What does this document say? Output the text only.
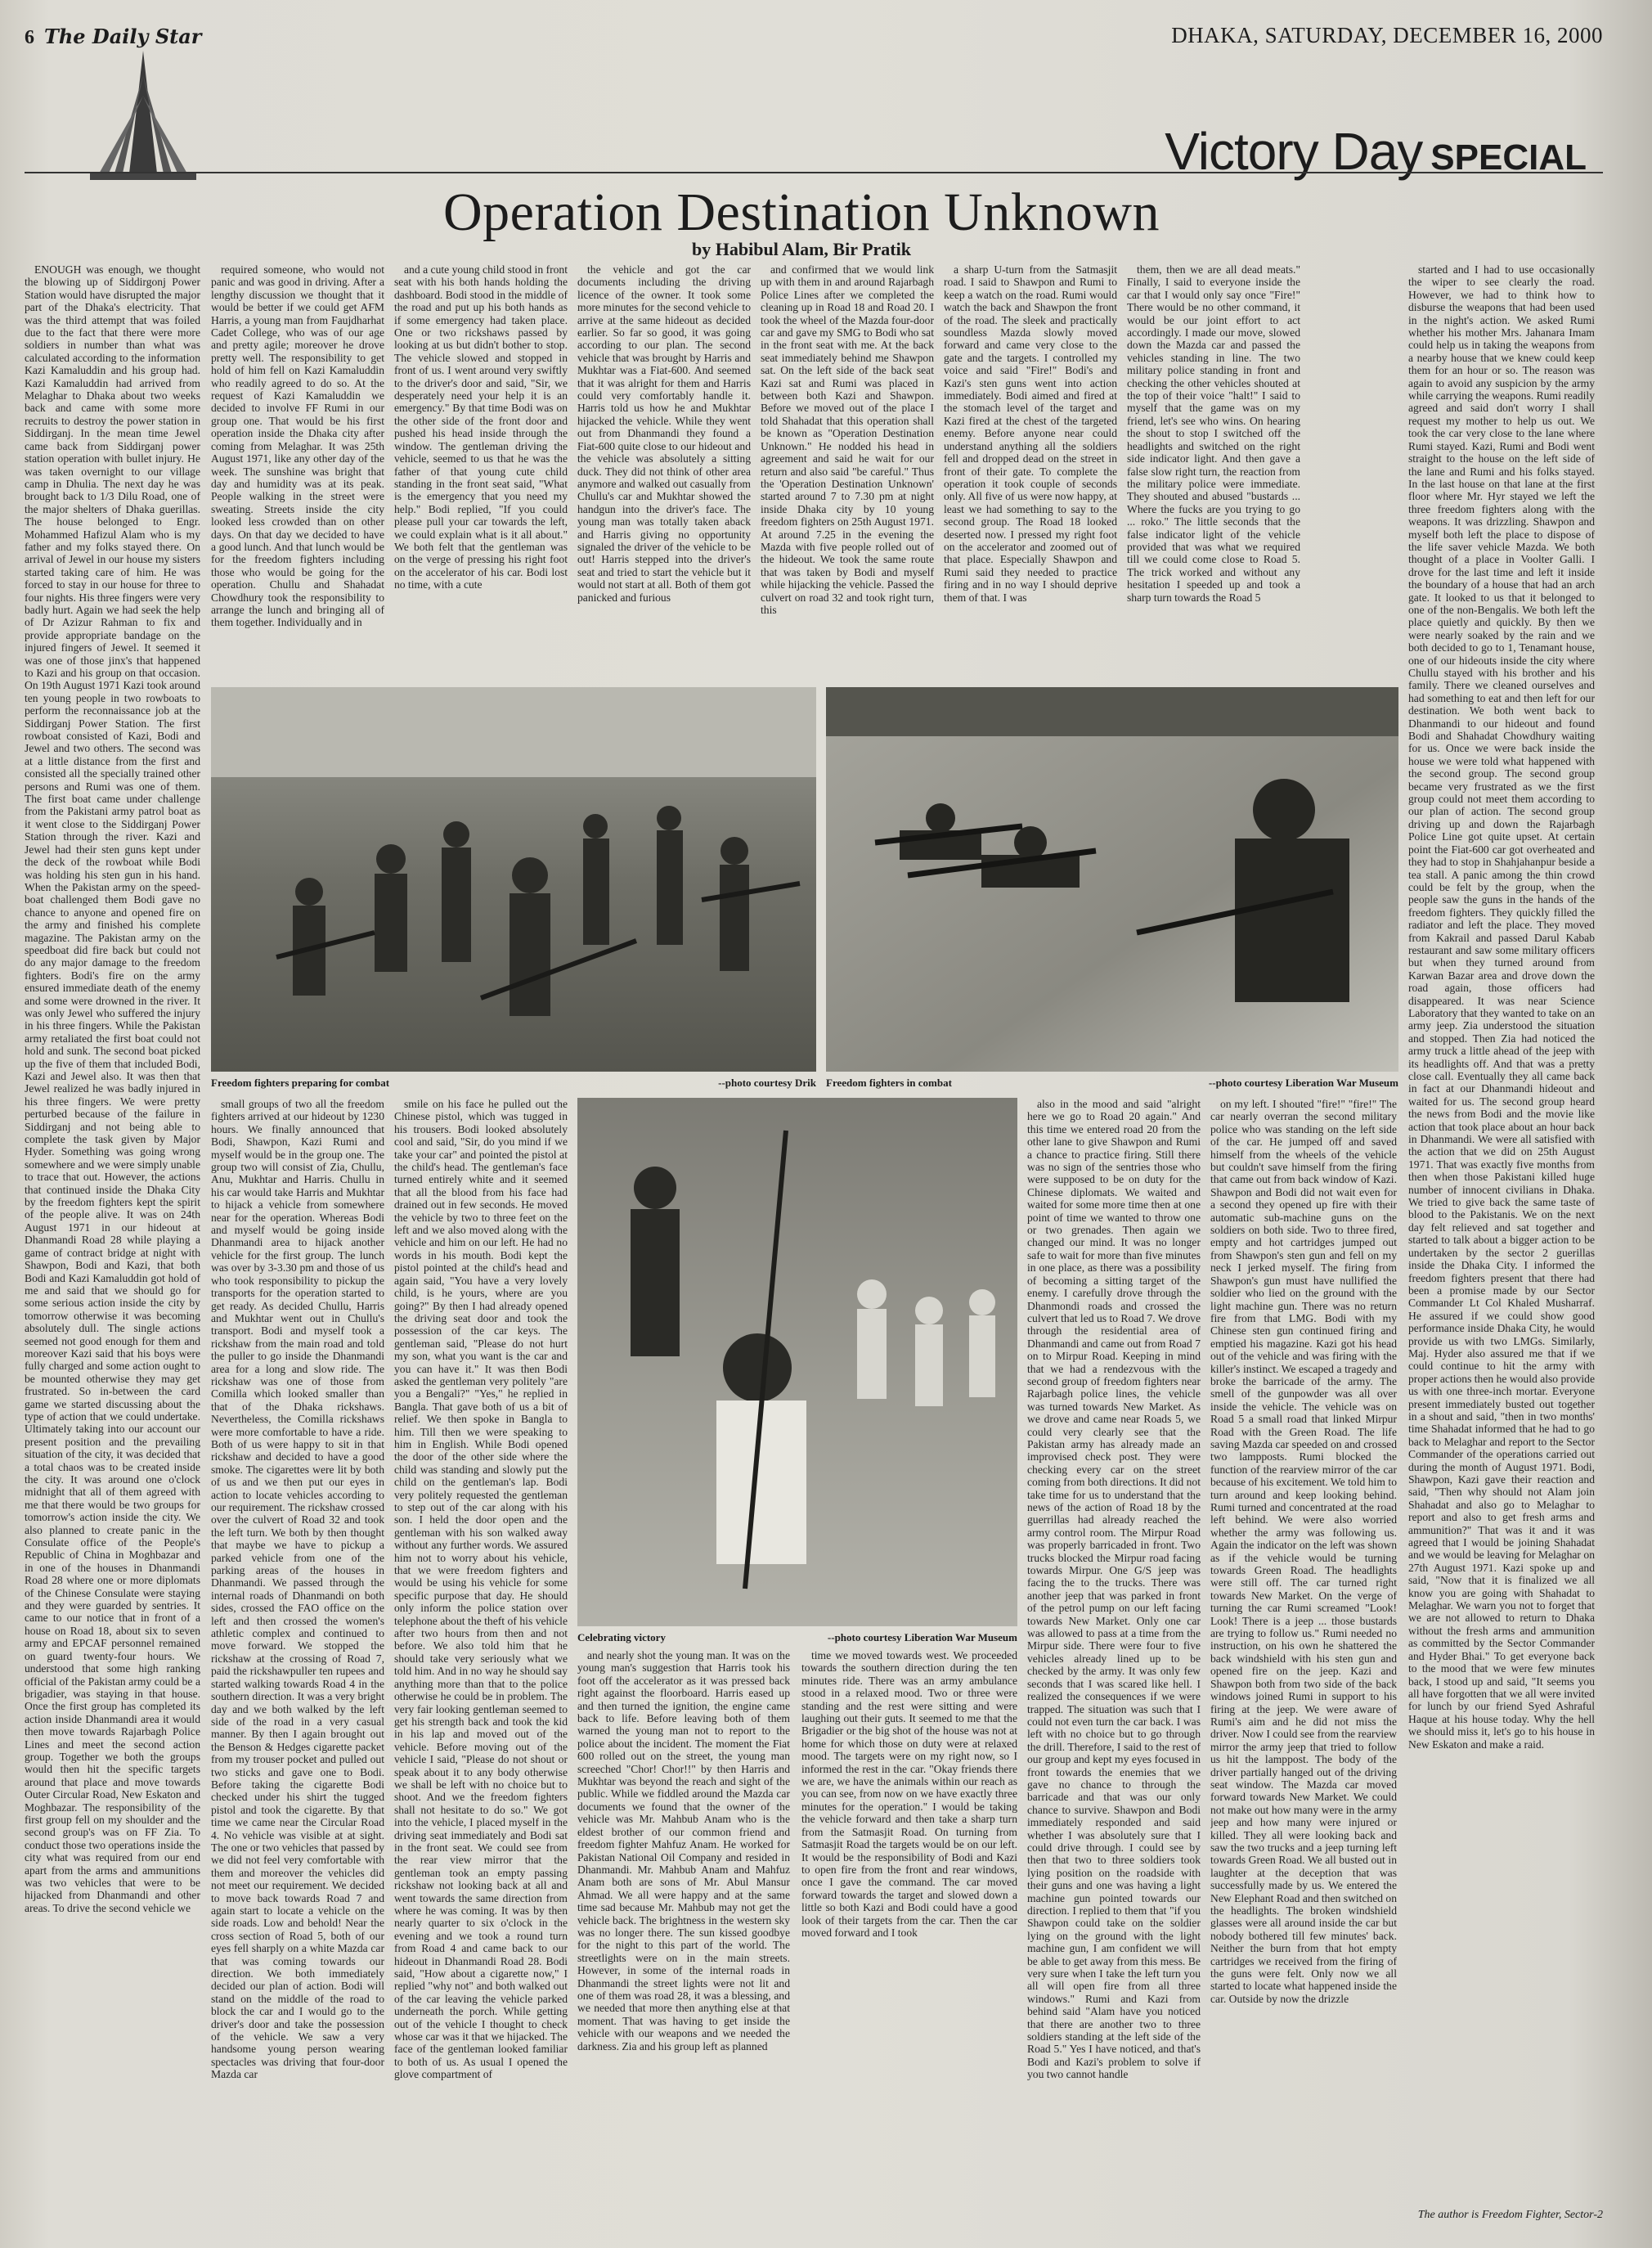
6 The Daily Star	DHAKA, SATURDAY, DECEMBER 16, 2000
Victory Day SPECIAL
Operation Destination Unknown
by Habibul Alam, Bir Pratik

ENOUGH was enough, we thought the blowing up of Siddirgonj Power Station would have disrupted the major part of the Dhaka's electricity. That was the third attempt that was foiled due to the fact that there were more soldiers in number than what was calculated according to the information Kazi Kamaluddin and his group had. Kazi Kamaluddin had arrived from Melaghar to Dhaka about two weeks back and came with some more recruits to destroy the power station in Siddirganj. In the mean time Jewel came back from Siddirganj power station operation with bullet injury. He was taken overnight to our village camp in Dhulia. The next day he was brought back to 1/3 Dilu Road, one of the major shelters of Dhaka guerillas. The house belonged to Engr. Mohammed Hafizul Alam who is my father and my folks stayed there. On arrival of Jewel in our house my sisters started taking care of him. He was forced to stay in our house for three to four nights. His three fingers were very badly hurt. Again we had seek the help of Dr Azizur Rahman to fix and provide appropriate bandage on the injured fingers of Jewel. It seemed it was one of those jinx's that happened to Kazi and his group on that occasion. On 19th August 1971 Kazi took around ten young people in two rowboats to perform the reconnaissance job at the Siddirganj Power Station. The first rowboat consisted of Kazi, Bodi and Jewel and two others. The second was at a little distance from the first and consisted all the specially trained other persons and Rumi was one of them. The first boat came under challenge from the Pakistani army patrol boat as it went close to the Siddirganj Power Station through the river. Kazi and Jewel had their sten guns kept under the deck of the rowboat while Bodi was holding his sten gun in his hand. When the Pakistan army on the speed-boat challenged them Bodi gave no chance to anyone and opened fire on the army and finished his complete magazine. The Pakistan army on the speedboat did fire back but could not do any major damage to the freedom fighters. Bodi's fire on the army ensured immediate death of the enemy and some were drowned in the river. It was only Jewel who suffered the injury in his three fingers. While the Pakistan army retaliated the first boat could not hold and sunk. The second boat picked up the five of them that included Bodi, Kazi and Jewel also. It was then that Jewel realized he was badly injured in his three fingers. We were pretty perturbed because of the failure in Siddirganj and not being able to complete the task given by Major Hyder. Something was going wrong somewhere and we were simply unable to trace that out. However, the actions that continued inside the Dhaka City by the freedom fighters kept the spirit of the people alive. It was on 24th August 1971 in our hideout at Dhanmandi Road 28 while playing a game of contract bridge at night with Shawpon, Bodi and Kazi, that both Bodi and Kazi Kamaluddin got hold of me and said that we should go for some serious action inside the city by tomorrow otherwise it was becoming absolutely dull. The single actions seemed not good enough for them and moreover Kazi said that his boys were fully charged and some action ought to be mounted otherwise they may get frustrated. So in-between the card game we started discussing about the type of action that we could undertake. Ultimately taking into our account our present position and the prevailing situation of the city, it was decided that a total chaos was to be created inside the city. It was around one o'clock midnight that all of them agreed with me that there would be two groups for tomorrow's action inside the city. We also planned to create panic in the Consulate office of the People's Republic of China in Moghbazar and in one of the houses in Dhanmandi Road 28 where one or more diplomats of the Chinese Consulate were staying and they were guarded by sentries. It came to our notice that in front of a house on Road 18, about six to seven army and EPCAF personnel remained on guard twenty-four hours. We understood that some high ranking official of the Pakistan army could be a brigadier, was staying in that house. Once the first group has completed its action inside Dhanmandi area it would then move towards Rajarbagh Police Lines and meet the second action group. Together we both the groups would then hit the specific targets around that place and move towards Outer Circular Road, New Eskaton and Moghbazar. The responsibility of the first group fell on my shoulder and the second group's was on FF Zia. To conduct those two operations inside the city what was required from our end apart from the arms and ammunitions was two vehicles that were to be hijacked from Dhanmandi and other areas. To drive the second vehicle we

required someone, who would not panic and was good in driving. After a lengthy discussion we thought that it would be better if we could get AFM Harris, a young man from Faujdharhat Cadet College, who was of our age and pretty agile; moreover he drove pretty well. The responsibility to get hold of him fell on Kazi Kamaluddin who readily agreed to do so. At the request of Kazi Kamaluddin we decided to involve FF Rumi in our group one. That would be his first operation inside the Dhaka city after coming from Melaghar. It was 25th August 1971, like any other day of the week. The sunshine was bright that day and humidity was at its peak. People walking in the street were sweating. Streets inside the city looked less crowded than on other days. On that day we decided to have a good lunch. And that lunch would be for the freedom fighters including those who would be going for the operation. Chullu and Shahadat Chowdhury took the responsibility to arrange the lunch and bringing all of them together. Individually and in

and a cute young child stood in front seat with his both hands holding the dashboard. Bodi stood in the middle of the road and put up his both hands as if some emergency had taken place. One or two rickshaws passed by looking at us but didn't bother to stop. The vehicle slowed and stopped in front of us. I went around very swiftly to the driver's door and said, "Sir, we desperately need your help it is an emergency." By that time Bodi was on the other side of the front door and pushed his head inside through the window. The gentleman driving the vehicle, seemed to us that he was the father of that young cute child standing in the front seat said, "What is the emergency that you need my help." Bodi replied, "If you could please pull your car towards the left, we could explain what is it all about." We both felt that the gentleman was on the verge of pressing his right foot on the accelerator of his car. Bodi lost no time, with a cute

the vehicle and got the car documents including the driving licence of the owner. It took some more minutes for the second vehicle to arrive at the same hideout as decided earlier. So far so good, it was going according to our plan. The second vehicle that was brought by Harris and Mukhtar was a Fiat-600. And seemed that it was alright for them and Harris could very comfortably handle it. Harris told us how he and Mukhtar hijacked the vehicle. While they went out from Dhanmandi they found a Fiat-600 quite close to our hideout and the vehicle was absolutely a sitting duck. They did not think of other area anymore and walked out casually from Chullu's car and Mukhtar showed the handgun into the driver's face. The young man was totally taken aback and Harris giving no opportunity signaled the driver of the vehicle to be out! Harris stepped into the driver's seat and tried to start the vehicle but it would not start at all. Both of them got panicked and furious

and confirmed that we would link up with them in and around Rajarbagh Police Lines after we completed the cleaning up in Road 18 and Road 20. I took the wheel of the Mazda four-door car and gave my SMG to Bodi who sat in the front seat with me. At the back seat immediately behind me Shawpon sat. On the left side of the back seat Kazi sat and Rumi was placed in between both Kazi and Shawpon. Before we moved out of the place I told Shahadat that this operation shall be known as "Operation Destination Unknown." He nodded his head in agreement and said he wait for our return and also said "be careful." Thus the 'Operation Destination Unknown' started around 7 to 7.30 pm at night inside Dhaka city by 10 young freedom fighters on 25th August 1971. At around 7.25 in the evening the Mazda with five people rolled out of the hideout. We took the same route that was taken by Bodi and myself while hijacking the vehicle. Passed the culvert on road 32 and took right turn, this

a sharp U-turn from the Satmasjit road. I said to Shawpon and Rumi to keep a watch on the road. Rumi would watch the back and Shawpon the front of the road. The sleek and practically soundless Mazda slowly moved forward and came very close to the gate and the targets. I controlled my voice and said "Fire!" Bodi's and Kazi's sten guns went into action immediately. Bodi aimed and fired at the stomach level of the target and Kazi fired at the chest of the targeted enemy. Before anyone near could understand anything all the soldiers fell and dropped dead on the street in front of their gate. To complete the operation it took couple of seconds only. All five of us were now happy, at least we had something to say to the second group. The Road 18 looked deserted now. I pressed my right foot on the accelerator and zoomed out of that place. Especially Shawpon and Rumi said they needed to practice firing and in no way I should deprive them of that. I was

them, then we are all dead meats." Finally, I said to everyone inside the car that I would only say once "Fire!" There would be no other command, it would be our joint effort to act accordingly. I made our move, slowed down the Mazda car and passed the vehicles standing in line. The two military police standing in front and checking the other vehicles shouted at the top of their voice "halt!" I said to myself that the game was on my friend, let's see who wins. On hearing the shout to stop I switched off the headlights and switched on the right side indicator light. And then gave a false slow right turn, the reaction from the military police were immediate. They shouted and abused "bustards ... Where the fucks are you trying to go ... roko." The little seconds that the false indicator light of the vehicle provided that was what we required till we could come close to Road 5. The trick worked and without any hesitation I speeded up and took a sharp turn towards the Road 5

started and I had to use occasionally the wiper to see clearly the road. However, we had to think how to disburse the weapons that had been used in the night's action. We asked Rumi whether his mother Mrs. Jahanara Imam could help us in taking the weapons from a nearby house that we knew could keep them for an hour or so. The reason was again to avoid any suspicion by the army while carrying the weapons. Rumi readily agreed and said don't worry I shall request my mother to help us out. We took the car very close to the lane where Rumi stayed. Kazi, Rumi and Bodi went straight to the house on the left side of the lane and Rumi and his folks stayed. In the last house on that lane at the first floor where Mr. Hyr stayed we left the three freedom fighters along with the weapons. It was drizzling. Shawpon and myself both left the place to dispose of the life saver vehicle Mazda. We both thought of a place in Voolter Galli. I drove for the last time and left it inside the boundary of a house that had an arch gate. It looked to us that it belonged to one of the non-Bengalis. We both left the place quietly and quickly. By then we were nearly soaked by the rain and we both decided to go to 1, Tenamant house, one of our hideouts inside the city where Chullu stayed with his brother and his family. There we cleaned ourselves and had something to eat and then left for our destination. We both went back to Dhanmandi to our hideout and found Bodi and Shahadat Chowdhury waiting for us. Once we were back inside the house we were told what happened with the second group. The second group became very frustrated as we the first group could not meet them according to our plan of action. The second group driving up and down the Rajarbagh Police Line got quite upset. At certain point the Fiat-600 car got overheated and they had to stop in Shahjahanpur beside a tea stall. A panic among the thin crowd could be felt by the group, when the people saw the guns in the hands of the freedom fighters. They quickly filled the radiator and left the place. They moved from Kakrail and passed Darul Kabab restaurant and saw some military officers but when they turned around from Karwan Bazar area and drove down the road again, those officers had disappeared. It was near Science Laboratory that they wanted to take on an army jeep. Zia understood the situation and stopped. Then Zia had noticed the army truck a little ahead of the jeep with its headlights off. And that was a pretty close call. Eventually they all came back in fact at our Dhanmandi hideout and waited for us. The second group heard the news from Bodi and the movie like action that took place about an hour back in Dhanmandi. We were all satisfied with the action that we did on 25th August 1971. That was exactly five months from then when those Pakistani killed huge number of innocent civilians in Dhaka. We tried to give back the same taste of blood to the Pakistanis. We on the next day felt relieved and sat together and started to talk about a bigger action to be undertaken by the sector 2 guerillas inside the Dhaka City. I informed the freedom fighters present that there had been a promise made by our Sector Commander Lt Col Khaled Musharraf. He assured if we could show good performance inside Dhaka City, he would provide us with two LMGs. Similarly, Maj. Hyder also assured me that if we could continue to hit the army with proper actions then he would also provide us with one three-inch mortar. Everyone present immediately busted out together in a shout and said, "then in two months' time Shahadat informed that he had to go back to Melaghar and report to the Sector Commander of the operations carried out during the month of August 1971. Bodi, Shawpon, Kazi gave their reaction and said, "Then why should not Alam join Shahadat and also go to Melaghar to report and also to get fresh arms and ammunition?" That was it and it was agreed that I would be joining Shahadat and we would be leaving for Melaghar on 27th August 1971. Kazi spoke up and said, "Now that it is finalized we all know you are going with Shahadat to Melaghar. We warn you not to forget that we are not allowed to return to Dhaka without the fresh arms and ammunition as committed by the Sector Commander and Hyder Bhai." To get everyone back to the mood that we were few minutes back, I stood up and said, "It seems you all have forgotten that we all were invited for lunch by our friend Syed Ashraful Haque at his house today. Why the hell we should miss it, let's go to his house in New Eskaton and make a raid.

Freedom fighters preparing for combat	--photo courtesy Drik Freedom fighters in combat	--photo courtesy Liberation War Museum

small groups of two all the freedom fighters arrived at our hideout by 1230 hours. We finally announced that Bodi, Shawpon, Kazi Rumi and myself would be in the group one. The group two will consist of Zia, Chullu, Anu, Mukhtar and Harris. Chullu in his car would take Harris and Mukhtar to hijack a vehicle from somewhere near for the operation. Whereas Bodi and myself would be going inside Dhanmandi area to hijack another vehicle for the first group. The lunch was over by 3-3.30 pm and those of us who took responsibility to pickup the transports for the operation started to get ready. As decided Chullu, Harris and Mukhtar went out in Chullu's transport. Bodi and myself took a rickshaw from the main road and told the puller to go inside the Dhanmandi area for a long and slow ride. The rickshaw was one of those from Comilla which looked smaller than that of the Dhaka rickshaws. Nevertheless, the Comilla rickshaws were more comfortable to have a ride. Both of us were happy to sit in that rickshaw and decided to have a good smoke. The cigarettes were lit by both of us and we then put our eyes in action to locate vehicles according to our requirement. The rickshaw crossed over the culvert of Road 32 and took the left turn. We both by then thought that maybe we have to pickup a parked vehicle from one of the parking areas of the houses in Dhanmandi. We passed through the internal roads of Dhanmandi on both sides, crossed the FAO office on the left and then crossed the women's athletic complex and continued to move forward. We stopped the rickshaw at the crossing of Road 7, paid the rickshawpuller ten rupees and started walking towards Road 4 in the southern direction. It was a very bright day and we both walked by the left side of the road in a very casual manner. By then I again brought out the Benson & Hedges cigarette packet from my trouser pocket and pulled out two sticks and gave one to Bodi. Before taking the cigarette Bodi checked under his shirt the tugged pistol and took the cigarette. By that time we came near the Circular Road 4. No vehicle was visible at at sight. The one or two vehicles that passed by we did not feel very comfortable with them and moreover the vehicles did not meet our requirement. We decided to move back towards Road 7 and again start to locate a vehicle on the side roads. Low and behold! Near the cross section of Road 5, both of our eyes fell sharply on a white Mazda car that was coming towards our direction. We both immediately decided our plan of action. Bodi will stand on the middle of the road to block the car and I would go to the driver's door and take the possession of the vehicle. We saw a very handsome young person wearing spectacles was driving that four-door Mazda car

smile on his face he pulled out the Chinese pistol, which was tugged in his trousers. Bodi looked absolutely cool and said, "Sir, do you mind if we take your car" and pointed the pistol at the child's head. The gentleman's face turned entirely white and it seemed that all the blood from his face had drained out in few seconds. He moved the vehicle by two to three feet on the left and we also moved along with the vehicle and him on our left. He had no words in his mouth. Bodi kept the pistol pointed at the child's head and again said, "You have a very lovely child, is he yours, where are you going?" By then I had already opened the driving seat door and took the possession of the car keys. The gentleman said, "Please do not hurt my son, what you want is the car and you can have it." It was then Bodi asked the gentleman very politely "are you a Bengali?" "Yes," he replied in Bangla. That gave both of us a bit of relief. We then spoke in Bangla to him. Till then we were speaking to him in English. While Bodi opened the door of the other side where the child was standing and slowly put the child on the gentleman's lap. Bodi very politely requested the gentleman to step out of the car along with his son. I held the door open and the gentleman with his son walked away without any further words. We assured him not to worry about his vehicle, that we were freedom fighters and would be using his vehicle for some specific purpose that day. He should only inform the police station over telephone about the theft of his vehicle after two hours from then and not before. We also told him that he should take very seriously what we told him. And in no way he should say anything more than that to the police otherwise he could be in problem. The very fair looking gentleman seemed to get his strength back and took the kid in his lap and moved out of the vehicle. Before moving out of the vehicle I said, "Please do not shout or speak about it to any body otherwise we shall be left with no choice but to shoot. And we the freedom fighters shall not hesitate to do so." We got into the vehicle, I placed myself in the driving seat immediately and Bodi sat in the front seat. We could see from the rear view mirror that the gentleman took an empty passing rickshaw not looking back at all and went towards the same direction from where he was coming. It was by then nearly quarter to six o'clock in the evening and we took a round turn from Road 4 and came back to our hideout in Dhanmandi Road 28. Bodi said, "How about a cigarette now," I replied "why not" and both walked out of the car leaving the vehicle parked underneath the porch. While getting out of the vehicle I thought to check whose car was it that we hijacked. The face of the gentleman looked familiar to both of us. As usual I opened the glove compartment of

Celebrating victory	--photo courtesy Liberation War Museum

and nearly shot the young man. It was on the young man's suggestion that Harris took his foot off the accelerator as it was pressed back right against the floorboard. Harris eased up and then turned the ignition, the engine came back to life. Before leaving both of them warned the young man not to report to the police about the incident. The moment the Fiat 600 rolled out on the street, the young man screeched "Chor! Chor!!" by then Harris and Mukhtar was beyond the reach and sight of the public. While we fiddled around the Mazda car documents we found that the owner of the vehicle was Mr. Mahbub Anam who is the eldest brother of our common friend and freedom fighter Mahfuz Anam. He worked for Pakistan National Oil Company and resided in Dhanmandi. Mr. Mahbub Anam and Mahfuz Anam both are sons of Mr. Abul Mansur Ahmad. We all were happy and at the same time sad because Mr. Mahbub may not get the vehicle back. The brightness in the western sky was no longer there. The sun kissed goodbye for the night to this part of the world. The streetlights were on in the main streets. However, in some of the internal roads in Dhanmandi the street lights were not lit and one of them was road 28, it was a blessing, and we needed that more then anything else at that moment. That was having to get inside the vehicle with our weapons and we needed the darkness. Zia and his group left as planned

time we moved towards west. We proceeded towards the southern direction during the ten minutes ride. There was an army ambulance stood in a relaxed mood. Two or three were standing and the rest were sitting and were laughing out their guts. It seemed to me that the Brigadier or the big shot of the house was not at home for which those on duty were at relaxed mood. The targets were on my right now, so I informed the rest in the car. "Okay friends there we are, we have the animals within our reach as you can see, from now on we have exactly three minutes for the operation." I would be taking the vehicle forward and then take a sharp turn from the Satmasjit Road. On turning from Satmasjit Road the targets would be on our left. It would be the responsibility of Bodi and Kazi to open fire from the front and rear windows, once I gave the command. The car moved forward towards the target and slowed down a little so both Kazi and Bodi could have a good look of their targets from the car. Then the car moved forward and I took

also in the mood and said "alright here we go to Road 20 again." And this time we entered road 20 from the other lane to give Shawpon and Rumi a chance to practice firing. Still there was no sign of the sentries those who were supposed to be on duty for the Chinese diplomats. We waited and waited for some more time then at one point of time we wanted to throw one or two grenades. Then again we changed our mind. It was no longer safe to wait for more than five minutes in one place, as there was a possibility of becoming a sitting target of the enemy. I carefully drove through the Dhanmondi roads and crossed the culvert that led us to Road 7. We drove through the residential area of Dhanmandi and came out from Road 7 on to Mirpur Road. Keeping in mind that we had a rendezvous with the second group of freedom fighters near Rajarbagh police lines, the vehicle was turned towards New Market. As we drove and came near Roads 5, we could very clearly see that the Pakistan army has already made an improvised check post. They were checking every car on the street coming from both directions. It did not take time for us to understand that the news of the action of Road 18 by the guerrillas had already reached the army control room. The Mirpur Road was properly barricaded in front. Two trucks blocked the Mirpur road facing towards Mirpur. One G/S jeep was facing the to the trucks. There was another jeep that was parked in front of the petrol pump on our left facing towards New Market. Only one car was allowed to pass at a time from the Mirpur side. There were four to five vehicles already lined up to be checked by the army. It was only few seconds that I was scared like hell. I realized the consequences if we were trapped. The situation was such that I could not even turn the car back. I was left with no choice but to go through the drill. Therefore, I said to the rest of our group and kept my eyes focused in front towards the enemies that we gave no chance to through the barricade and that was our only chance to survive. Shawpon and Bodi immediately responded and said whether I was absolutely sure that I could drive through. I could see by then that two to three soldiers took lying position on the roadside with their guns and one was having a light machine gun pointed towards our direction. I replied to them that "if you Shawpon could take on the soldier lying on the ground with the light machine gun, I am confident we will be able to get away from this mess. Be very sure when I take the left turn you all will open fire from all three windows." Rumi and Kazi from behind said "Alam have you noticed that there are another two to three soldiers standing at the left side of the Road 5." Yes I have noticed, and that's Bodi and Kazi's problem to solve if you two cannot handle

on my left. I shouted "fire!" "fire!" The car nearly overran the second military police who was standing on the left side of the car. He jumped off and saved himself from the wheels of the vehicle but couldn't save himself from the firing that came out from back window of Kazi. Shawpon and Bodi did not wait even for a second they opened up fire with their automatic sub-machine guns on the soldiers on both side. Two to three fired, empty and hot cartridges jumped out from Shawpon's sten gun and fell on my neck I jerked myself. The firing from Shawpon's gun must have nullified the soldier who lied on the ground with the light machine gun. There was no return fire from that LMG. Bodi with my Chinese sten gun continued firing and emptied his magazine. Kazi got his head out of the vehicle and was firing with the killer's instinct. We escaped a tragedy and broke the barricade of the army. The smell of the gunpowder was all over inside the vehicle. The vehicle was on Road 5 a small road that linked Mirpur Road with the Green Road. The life saving Mazda car speeded on and crossed two lampposts. Rumi blocked the function of the rearview mirror of the car because of his excitement. We told him to turn around and keep looking behind. Rumi turned and concentrated at the road left behind. We were also worried whether the army was following us. Again the indicator on the left was shown as if the vehicle would be turning towards Green Road. The headlights were still off. The car turned right towards New Market. On the verge of turning the car Rumi screamed "Look! Look! There is a jeep ... those bustards are trying to follow us." Rumi needed no instruction, on his own he shattered the back windshield with his sten gun and opened fire on the jeep. Kazi and Shawpon both from two side of the back windows joined Rumi in support to his firing at the jeep. We were aware of Rumi's aim and he did not miss the driver. Now I could see from the rearview mirror the army jeep that tried to follow us hit the lamppost. The body of the driver partially hanged out of the driving seat window. The Mazda car moved forward towards New Market. We could not make out how many were in the army jeep and how many were injured or killed. They all were looking back and saw the two trucks and a jeep turning left towards Green Road. We all busted out in laughter at the deception that was successfully made by us. We entered the New Elephant Road and then switched on the headlights. The broken windshield glasses were all around inside the car but nobody bothered till few minutes' back. Neither the burn from that hot empty cartridges we received from the firing of the guns were felt. Only now we all started to locate what happened inside the car. Outside by now the drizzle

The author is Freedom Fighter, Sector-2
